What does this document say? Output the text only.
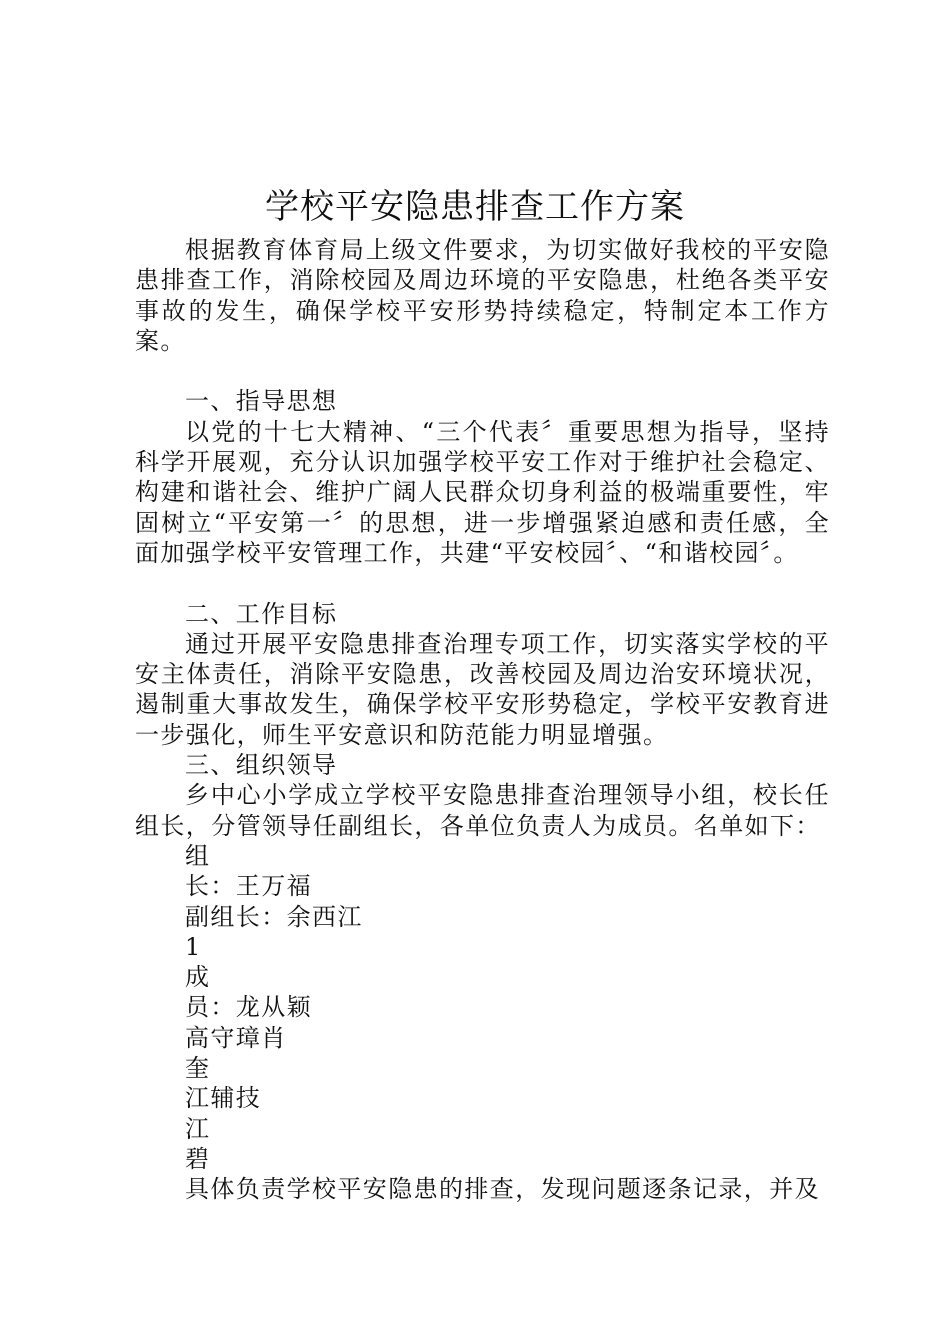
学校平安隐患排查工作方案

根据教育体育局上级文件要求，为切实做好我校的平安隐患排查工作，消除校园及周边环境的平安隐患，杜绝各类平安事故的发生，确保学校平安形势持续稳定，特制定本工作方案。

一、指导思想

以党的十七大精神、“三个代表〞重要思想为指导，坚持科学开展观，充分认识加强学校平安工作对于维护社会稳定、构建和谐社会、维护广阔人民群众切身利益的极端重要性，牢固树立“平安第一〞的思想，进一步增强紧迫感和责任感，全面加强学校平安管理工作，共建“平安校园〞、“和谐校园〞。

二、工作目标

通过开展平安隐患排查治理专项工作，切实落实学校的平安主体责任，消除平安隐患，改善校园及周边治安环境状况，遏制重大事故发生，确保学校平安形势稳定，学校平安教育进一步强化，师生平安意识和防范能力明显增强。

三、组织领导

乡中心小学成立学校平安隐患排查治理领导小组，校长任组长，分管领导任副组长，各单位负责人为成员。名单如下：

组

长：王万福

副组长：余西江

1

成

员：龙从颖

高守璋肖

奎

江辅技

江

碧

具体负责学校平安隐患的排查，发现问题逐条记录，并及
